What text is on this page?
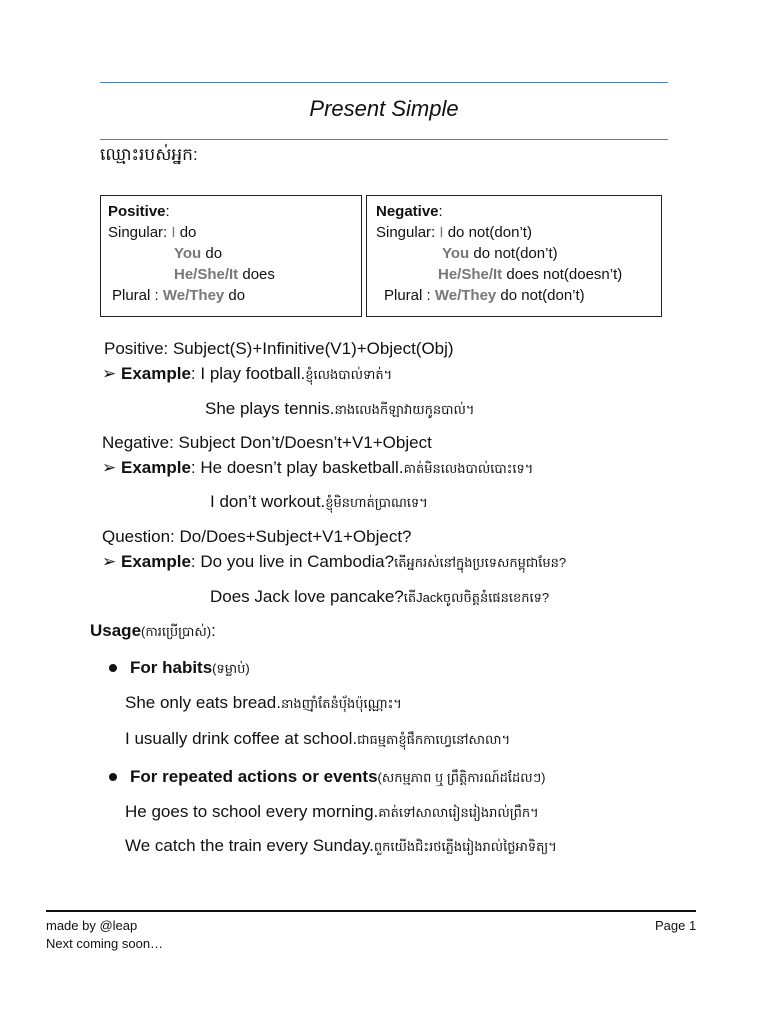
Present Simple
ឈ្មោះរបស់អ្នក:
Positive:
Singular: I do
You do
He/She/It does
Plural : We/They do
Negative:
Singular: I do not(don’t)
You do not(don’t)
He/She/It does not(doesn’t)
Plural : We/They do not(don’t)
Positive: Subject(S)+Infinitive(V1)+Object(Obj)
➢ Example: I play football.ខ្ញុំលេងបាល់ទាត់។
She plays tennis.នាងលេងកីឡាវាយកូនបាល់។
Negative: Subject Don’t/Doesn’t+V1+Object
➢ Example: He doesn’t play basketball.គាត់មិនលេងបាល់បោះទេ។
I don’t workout.ខ្ញុំមិនហាត់ប្រាណទេ។
Question: Do/Does+Subject+V1+Object?
➢ Example: Do you live in Cambodia?តើអ្នករស់នៅក្នុងប្រទេសកម្ពុជាមែន?
Does Jack love pancake?តើJackចូលចិត្តនំផេនខេកទេ?
Usage(ការប្រើប្រាស់):
For habits(ទម្លាប់)
She only eats bread.នាងញ៉ាំតែនំប៉័ងប៉ុណ្ណោះ។
I usually drink coffee at school.ជាធម្មតាខ្ញុំផឹកកាហ្វេនៅសាលា។
For repeated actions or events(សកម្មភាព ឬ ព្រឹត្តិការណ៍ដដែលៗ)
He goes to school every morning.គាត់ទៅសាលារៀនរៀងរាល់ព្រឹក។
We catch the train every Sunday.ពួកយើងជិះរថភ្លើងរៀងរាល់ថ្ងៃអាទិត្យ។
made by @leap
Next coming soon…
Page 1
